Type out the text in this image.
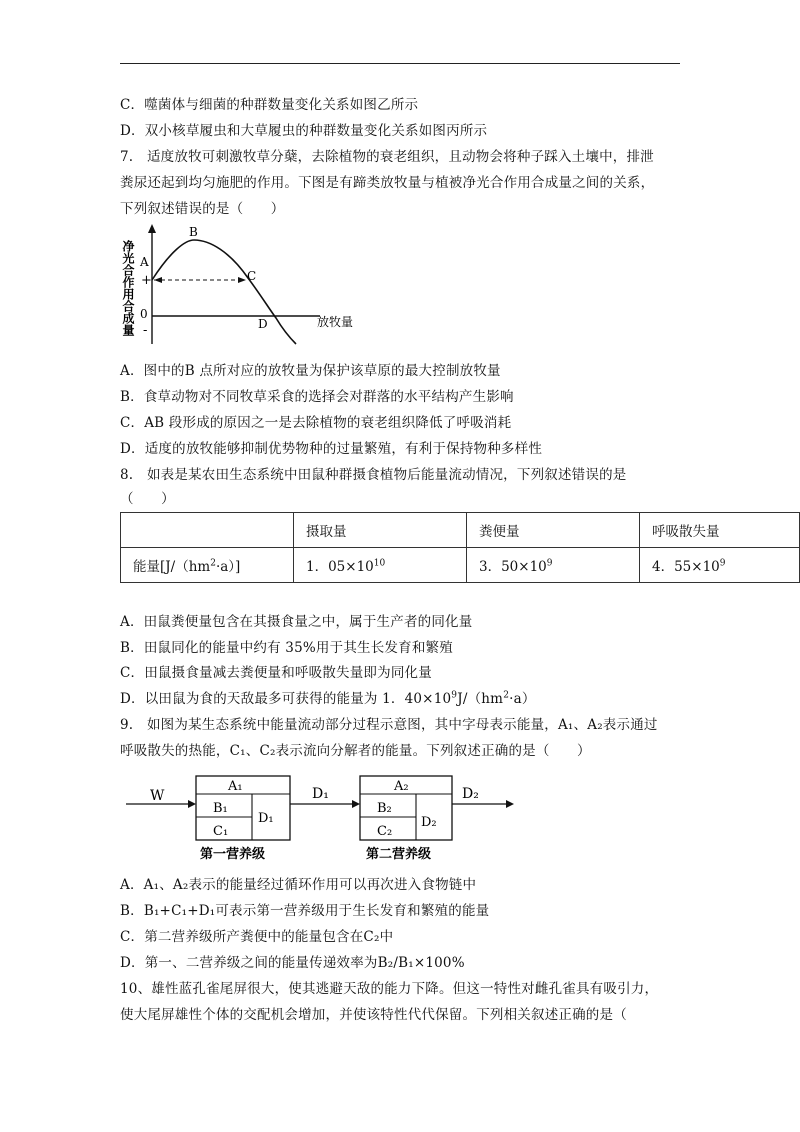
C．噬菌体与细菌的种群数量变化关系如图乙所示
D．双小核草履虫和大草履虫的种群数量变化关系如图丙所示
7.　适度放牧可刺激牧草分蘖，去除植物的衰老组织，且动物会将种子踩入土壤中，排泄
粪尿还起到均匀施肥的作用。下图是有蹄类放牧量与植被净光合作用合成量之间的关系，
下列叙述错误的是（　　）
净光合作用合成量 +
0
-
A
B
C
D	放牧量
A．图中的B 点所对应的放牧量为保护该草原的最大控制放牧量
B．食草动物对不同牧草采食的选择会对群落的水平结构产生影响
C．AB 段形成的原因之一是去除植物的衰老组织降低了呼吸消耗
D．适度的放牧能够抑制优势物种的过量繁殖，有利于保持物种多样性
8.　如表是某农田生态系统中田鼠种群摄食植物后能量流动情况，下列叙述错误的是
（　　）
	摄取量	粪便量	呼吸散失量
能量$[J/(hm^2\cdot a)]$	1．$05\times 10^{10}$	3．$50\times 10^9$	4．$55\times 10^9$
A．田鼠粪便量包含在其摄食量之中，属于生产者的同化量
B．田鼠同化的能量中约有 35%用于其生长发育和繁殖
C．田鼠摄食量减去粪便量和呼吸散失量即为同化量
D．以田鼠为食的天敌最多可获得的能量为 1．$40\times 10^9J/(hm^2\cdot a)$
9.　如图为某生态系统中能量流动部分过程示意图，其中字母表示能量，A₁、A₂表示通过
呼吸散失的热能，C₁、C₂表示流向分解者的能量。下列叙述正确的是（　　）
W
A₁
B₁
C₁
D₁
第一营养级
D₁	A₂
B₂
C₂
D₂
第二营养级
D₂
A．A₁、A₂表示的能量经过循环作用可以再次进入食物链中
B．B₁+C₁+D₁可表示第一营养级用于生长发育和繁殖的能量
C．第二营养级所产粪便中的能量包含在C₂中
D．第一、二营养级之间的能量传递效率为B₂/B₁×100%
10、雄性蓝孔雀尾屏很大，使其逃避天敌的能力下降。但这一特性对雌孔雀具有吸引力，
使大尾屏雄性个体的交配机会增加，并使该特性代代保留。下列相关叙述正确的是（
